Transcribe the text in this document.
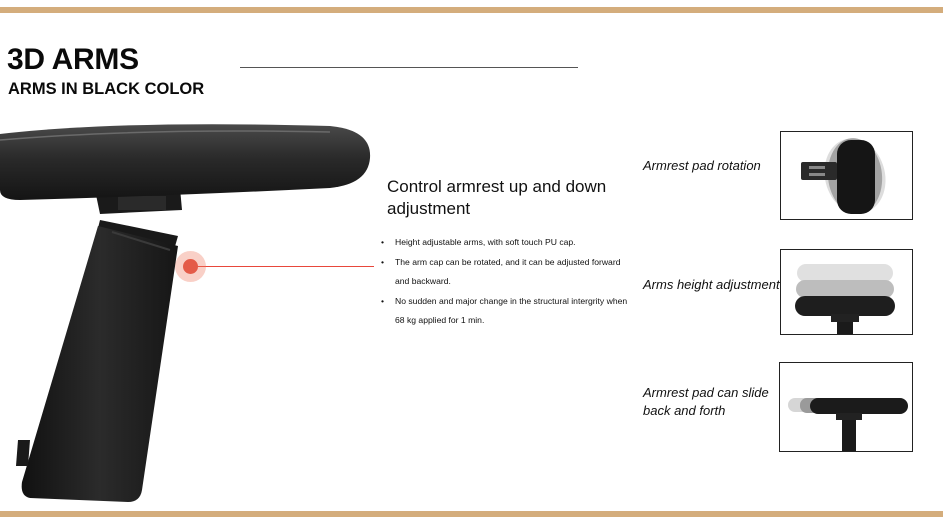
3D ARMS
ARMS IN BLACK COLOR
Control armrest up and down adjustment
• Height adjustable arms, with soft touch PU cap.
• The arm cap can be rotated, and it can be adjusted forward and backward.
• No sudden and major change in the structural intergrity when 68 kg applied for 1 min.
Armrest pad rotation
Arms height adjustment
Armrest pad can slide back and forth
